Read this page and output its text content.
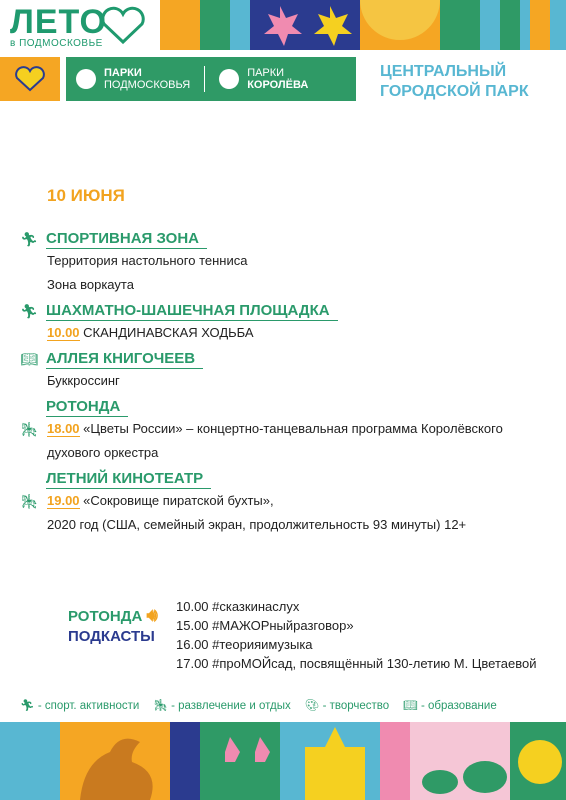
ЛЕТО
в ПОДМОСКОВЬЕ
ПАРКИ
ПОДМОСКОВЬЯ
ПАРКИ
КОРОЛЁВА
ЦЕНТРАЛЬНЫЙ
ГОРОДСКОЙ ПАРК
10 ИЮНЯ
🏃︎ СПОРТИВНАЯ ЗОНА
Территория настольного тенниса
Зона воркаута
🏃︎ ШАХМАТНО-ШАШЕЧНАЯ ПЛОЩАДКА
10.00 СКАНДИНАВСКАЯ ХОДЬБА
📖︎ АЛЛЕЯ КНИГОЧЕЕВ
Буккроссинг
РОТОНДА
🎠︎ 18.00 «Цветы России» – концертно-танцевальная программа Королёвского
духового оркестра
ЛЕТНИЙ КИНОТЕАТР
🎠︎ 19.00 «Сокровище пиратской бухты»,
2020 год (США, семейный экран, продолжительность 93 минуты) 12+
РОТОНДА 🔊︎
ПОДКАСТЫ
10.00 #сказкинаслух
15.00 #МАЖОРныйразговор»
16.00 #теорияимузыка
17.00 #проМОЙсад, посвящённый 130-летию М. Цветаевой
🏃︎ - спорт. активности 🎠︎ - развлечение и отдых 🎨︎ - творчество 📖︎ - образование
